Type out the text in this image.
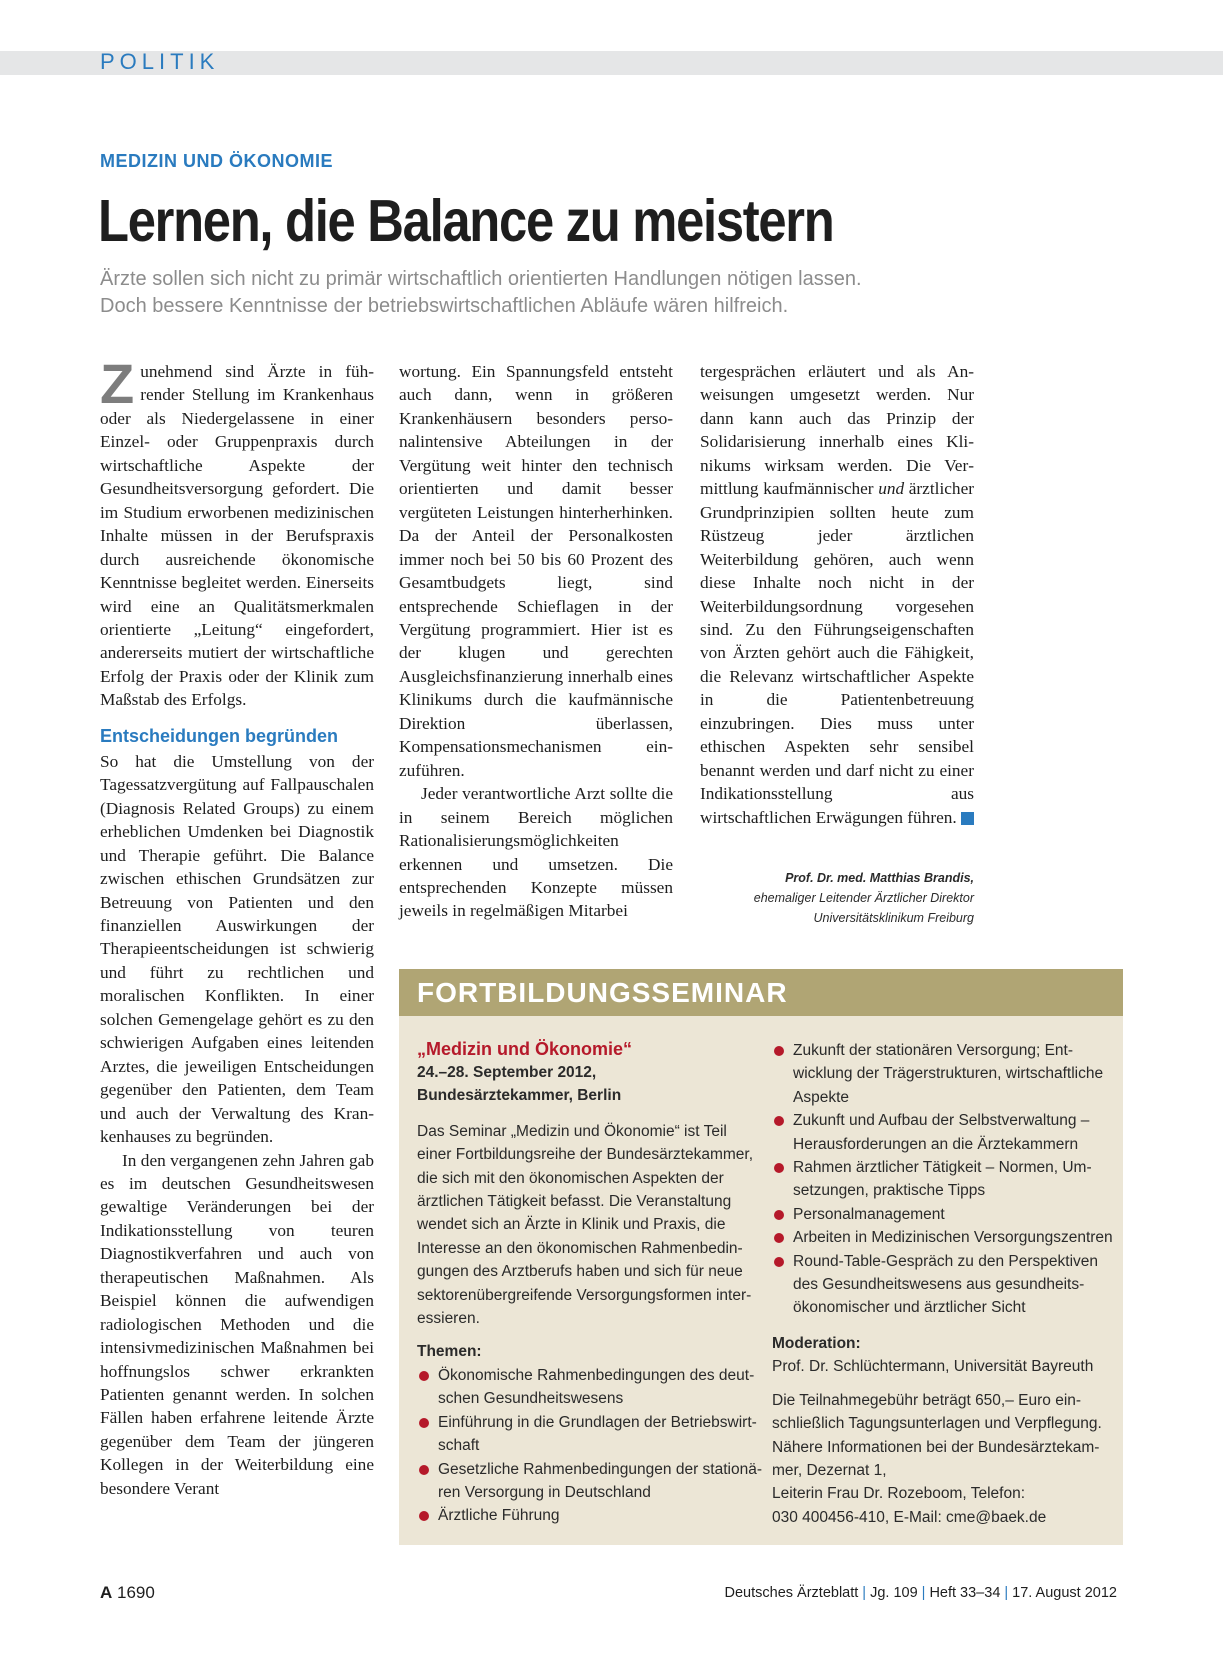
POLITIK
MEDIZIN UND ÖKONOMIE
Lernen, die Balance zu meistern
Ärzte sollen sich nicht zu primär wirtschaftlich orientierten Handlungen nötigen lassen.
Doch bessere Kenntnisse der betriebswirtschaftlichen Abläufe wären hilfreich.

Zunehmend sind Ärzte in führender Stellung im Krankenhaus oder als Niedergelassene in einer Einzel- oder Gruppenpraxis durch wirtschaftliche Aspekte der Gesundheitsversorgung gefordert. Die im Studium erworbenen medizinischen Inhalte müssen in der Berufspraxis durch ausreichende ökonomische Kenntnisse begleitet werden. Einerseits wird eine an Qualitätsmerkmalen orientierte „Leitung“ eingefordert, andererseits mutiert der wirtschaftliche Erfolg der Praxis oder der Klinik zum Maßstab des Erfolgs.

Entscheidungen begründen

So hat die Umstellung von der Tagessatzvergütung auf Fallpauschalen (Diagnosis Related Groups) zu einem erheblichen Umdenken bei Diagnostik und Therapie geführt. Die Balance zwischen ethischen Grundsätzen zur Betreuung von Patienten und den finanziellen Auswirkungen der Therapieentscheidungen ist schwierig und führt zu rechtlichen und moralischen Konflikten. In einer solchen Gemengelage gehört es zu den schwierigen Aufgaben eines leitenden Arztes, die jeweiligen Entscheidungen gegenüber den Patienten, dem Team und auch der Verwaltung des Krankenhauses zu begründen.

In den vergangenen zehn Jahren gab es im deutschen Gesundheitswesen gewaltige Veränderungen bei der Indikationsstellung von teuren Diagnostikverfahren und auch von therapeutischen Maßnahmen. Als Beispiel können die aufwendigen radiologischen Methoden und die intensivmedizinischen Maßnahmen bei hoffnungslos schwer erkrankten Patienten genannt werden. In solchen Fällen haben erfahrene leitende Ärzte gegenüber dem Team der jüngeren Kollegen in der Weiterbildung eine besondere Verant

wortung. Ein Spannungsfeld entsteht auch dann, wenn in größeren Krankenhäusern besonders personalintensive Abteilungen in der Vergütung weit hinter den technisch orientierten und damit besser vergüteten Leistungen hinterherhinken. Da der Anteil der Personalkosten immer noch bei 50 bis 60 Prozent des Gesamtbudgets liegt, sind entsprechende Schieflagen in der Vergütung programmiert. Hier ist es der klugen und gerechten Ausgleichsfinanzierung innerhalb eines Klinikums durch die kaufmännische Direktion überlassen, Kompensationsmechanismen einzuführen.

Jeder verantwortliche Arzt sollte die in seinem Bereich möglichen Rationalisierungsmöglichkeiten erkennen und umsetzen. Die entsprechenden Konzepte müssen jeweils in regelmäßigen Mitarbei

tergesprächen erläutert und als Anweisungen umgesetzt werden. Nur dann kann auch das Prinzip der Solidarisierung innerhalb eines Klinikums wirksam werden. Die Vermittlung kaufmännischer und ärztlicher Grundprinzipien sollten heute zum Rüstzeug jeder ärztlichen Weiterbildung gehören, auch wenn diese Inhalte noch nicht in der Weiterbildungsordnung vorgesehen sind. Zu den Führungseigenschaften von Ärzten gehört auch die Fähigkeit, die Relevanz wirtschaftlicher Aspekte in die Patientenbetreuung einzubringen. Dies muss unter ethischen Aspekten sehr sensibel benannt werden und darf nicht zu einer Indikationsstellung aus wirtschaftlichen Erwägungen führen.

Prof. Dr. med. Matthias Brandis,
ehemaliger Leitender Ärztlicher Direktor
Universitätsklinikum Freiburg
FORTBILDUNGSSEMINAR
„Medizin und Ökonomie“
24.–28. September 2012,
Bundesärztekammer, Berlin
Das Seminar „Medizin und Ökonomie“ ist Teil
einer Fortbildungsreihe der Bundesärztekammer,
die sich mit den ökonomischen Aspekten der
ärztlichen Tätigkeit befasst. Die Veranstaltung
wendet sich an Ärzte in Klinik und Praxis, die
Interesse an den ökonomischen Rahmenbedin-
gungen des Arztberufs haben und sich für neue
sektorenübergreifende Versorgungsformen inter-
essieren.
Themen:
Ökonomische Rahmenbedingungen des deut-
schen Gesundheitswesens
Einführung in die Grundlagen der Betriebswirt-
schaft
Gesetzliche Rahmenbedingungen der stationä-
ren Versorgung in Deutschland
Ärztliche Führung
Zukunft der stationären Versorgung; Ent-
wicklung der Trägerstrukturen, wirtschaftliche
Aspekte
Zukunft und Aufbau der Selbstverwaltung –
Herausforderungen an die Ärztekammern
Rahmen ärztlicher Tätigkeit – Normen, Um-
setzungen, praktische Tipps
Personalmanagement
Arbeiten in Medizinischen Versorgungszentren
Round-Table-Gespräch zu den Perspektiven
des Gesundheitswesens aus gesundheits-
ökonomischer und ärztlicher Sicht
Moderation:
Prof. Dr. Schlüchtermann, Universität Bayreuth
Die Teilnahmegebühr beträgt 650,– Euro ein-
schließlich Tagungsunterlagen und Verpflegung.
Nähere Informationen bei der Bundesärztekam-
mer, Dezernat 1,
Leiterin Frau Dr. Rozeboom, Telefon:
030 400456-410, E-Mail: cme@baek.de
A 1690	Deutsches Ärzteblatt | Jg. 109 | Heft 33–34 | 17. August 2012
